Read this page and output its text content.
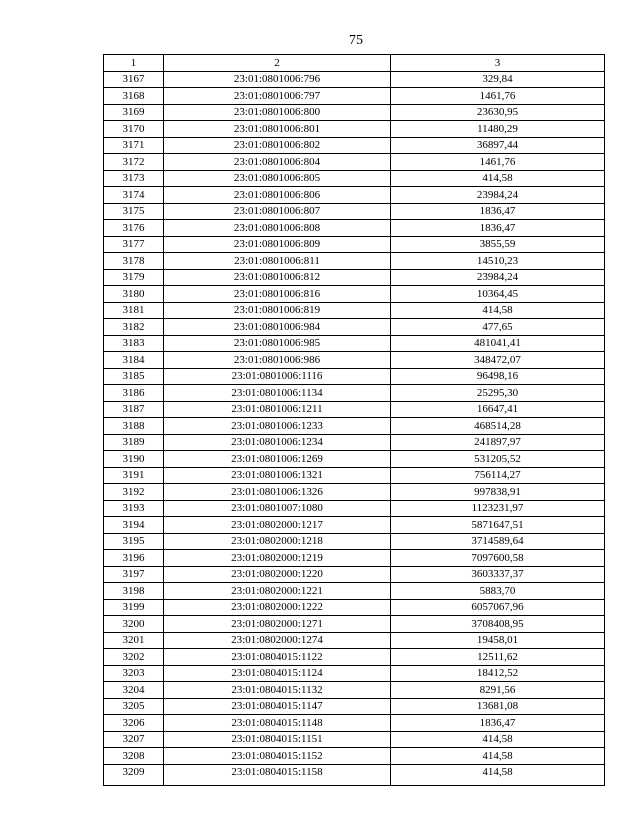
75
1	2	3
3167	23:01:0801006:796	329,84
3168	23:01:0801006:797	1461,76
3169	23:01:0801006:800	23630,95
3170	23:01:0801006:801	11480,29
3171	23:01:0801006:802	36897,44
3172	23:01:0801006:804	1461,76
3173	23:01:0801006:805	414,58
3174	23:01:0801006:806	23984,24
3175	23:01:0801006:807	1836,47
3176	23:01:0801006:808	1836,47
3177	23:01:0801006:809	3855,59
3178	23:01:0801006:811	14510,23
3179	23:01:0801006:812	23984,24
3180	23:01:0801006:816	10364,45
3181	23:01:0801006:819	414,58
3182	23:01:0801006:984	477,65
3183	23:01:0801006:985	481041,41
3184	23:01:0801006:986	348472,07
3185	23:01:0801006:1116	96498,16
3186	23:01:0801006:1134	25295,30
3187	23:01:0801006:1211	16647,41
3188	23:01:0801006:1233	468514,28
3189	23:01:0801006:1234	241897,97
3190	23:01:0801006:1269	531205,52
3191	23:01:0801006:1321	756114,27
3192	23:01:0801006:1326	997838,91
3193	23:01:0801007:1080	1123231,97
3194	23:01:0802000:1217	5871647,51
3195	23:01:0802000:1218	3714589,64
3196	23:01:0802000:1219	7097600,58
3197	23:01:0802000:1220	3603337,37
3198	23:01:0802000:1221	5883,70
3199	23:01:0802000:1222	6057067,96
3200	23:01:0802000:1271	3708408,95
3201	23:01:0802000:1274	19458,01
3202	23:01:0804015:1122	12511,62
3203	23:01:0804015:1124	18412,52
3204	23:01:0804015:1132	8291,56
3205	23:01:0804015:1147	13681,08
3206	23:01:0804015:1148	1836,47
3207	23:01:0804015:1151	414,58
3208	23:01:0804015:1152	414,58
3209	23:01:0804015:1158	414,58
